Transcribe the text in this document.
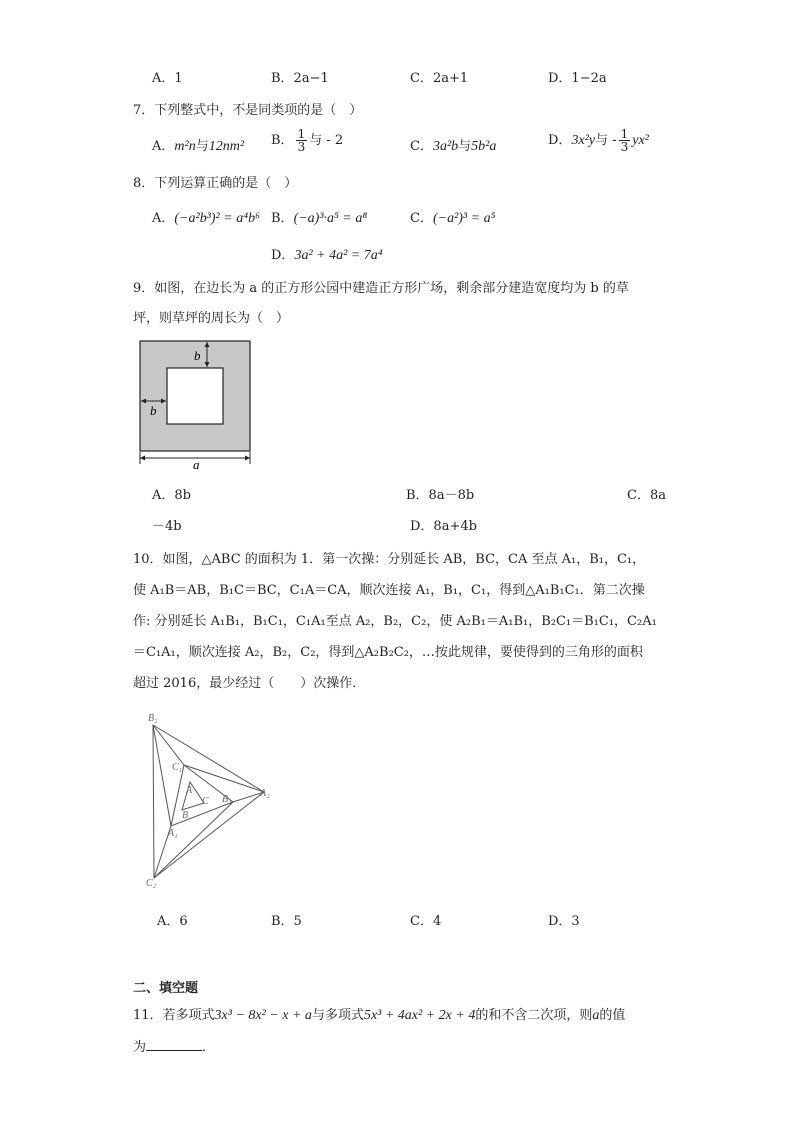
A．1	B．2a−1	C．2a+1	D．1−2a
7．下列整式中，不是同类项的是（　）
A．m²n与12nm² B． $\frac{1}{3}$ 与 - 2	C．3a²b与5b²a	D．3x²y与 - $\frac{1}{3} yx^2$
8．下列运算正确的是（　）
A．(−a²b³)² = a⁴b⁶ B．(−a)³·a⁵ = a⁸	C．(−a²)³ = a⁵
D．3a² + 4a² = 7a⁴
9．如图，在边长为 a 的正方形公园中建造正方形广场，剩余部分建造宽度均为 b 的草
坪，则草坪的周长为（　）
b
b
a
A．8b	B．8a－8b	C．8a
－4b	D．8a+4b
10．如图，△ABC 的面积为 1．第一次操：分别延长 AB，BC，CA 至点 A₁，B₁，C₁，
使 A₁B＝AB，B₁C＝BC，C₁A＝CA，顺次连接 A₁，B₁，C₁，得到△A₁B₁C₁．第二次操
作: 分别延长 A₁B₁，B₁C₁，C₁A₁至点 A₂，B₂，C₂，使 A₂B₁＝A₁B₁，B₂C₁＝B₁C₁，C₂A₁
＝C₁A₁，顺次连接 A₂，B₂，C₂，得到△A₂B₂C₂，…按此规律，要使得到的三角形的面积
超过 2016，最少经过（　　）次操作．
B₂
C₁
A
C B₁
A₂
B
A₁
C₂
A．6	B．5	C．4	D．3
二、填空题
11．若多项式3x³ − 8x² − x + a与多项式5x³ + 4ax² + 2x + 4的和不含二次项，则a的值
为	．
